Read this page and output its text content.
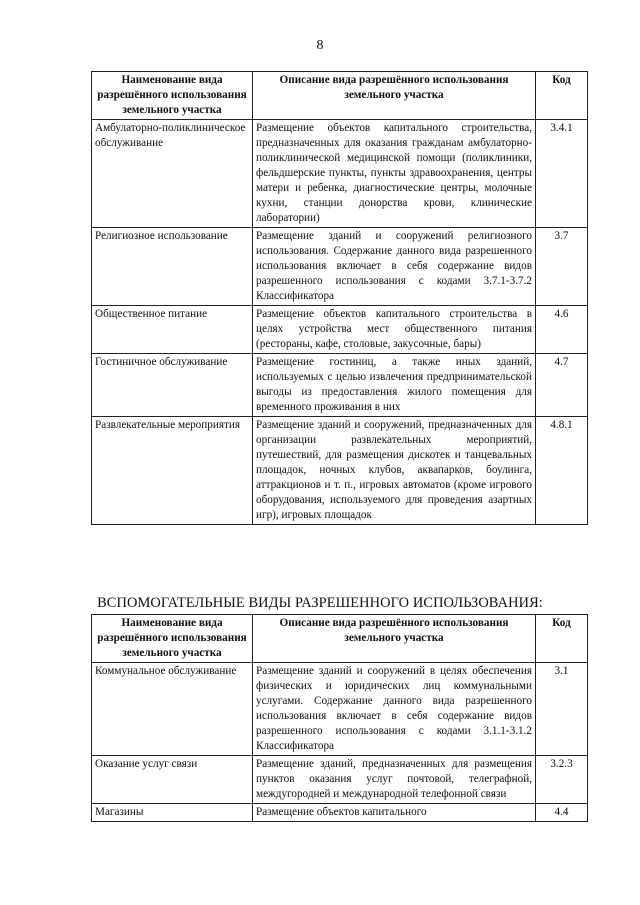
8
Наименование вида разрешённого использования земельного участка	Описание вида разрешённого использования земельного участка	Код
Амбулаторно-поликлиническое обслуживание	Размещение объектов капитального строительства, предназначенных для оказания гражданам амбулаторно-поликлинической медицинской помощи (поликлиники, фельдшерские пункты, пункты здравоохранения, центры матери и ребенка, диагностические центры, молочные кухни, станции донорства крови, клинические лаборатории)	3.4.1
Религиозное использование	Размещение зданий и сооружений религиозного использования. Содержание данного вида разрешенного использования включает в себя содержание видов разрешенного использования с кодами 3.7.1-3.7.2 Классификатора	3.7
Общественное питание	Размещение объектов капитального строительства в целях устройства мест общественного питания (рестораны, кафе, столовые, закусочные, бары)	4.6
Гостиничное обслуживание	Размещение гостиниц, а также иных зданий, используемых с целью извлечения предпринимательской выгоды из предоставления жилого помещения для временного проживания в них	4.7
Развлекательные мероприятия	Размещение зданий и сооружений, предназначенных для организации развлекательных мероприятий, путешествий, для размещения дискотек и танцевальных площадок, ночных клубов, аквапарков, боулинга, аттракционов и т. п., игровых автоматов (кроме игрового оборудования, используемого для проведения азартных игр), игровых площадок	4.8.1
ВСПОМОГАТЕЛЬНЫЕ ВИДЫ РАЗРЕШЕННОГО ИСПОЛЬЗОВАНИЯ:
Наименование вида разрешённого использования земельного участка	Описание вида разрешённого использования земельного участка	Код
Коммунальное обслуживание	Размещение зданий и сооружений в целях обеспечения физических и юридических лиц коммунальными услугами. Содержание данного вида разрешенного использования включает в себя содержание видов разрешенного использования с кодами 3.1.1-3.1.2 Классификатора	3.1
Оказание услуг связи	Размещение зданий, предназначенных для размещения пунктов оказания услуг почтовой, телеграфной, междугородней и международной телефонной связи	3.2.3
Магазины	Размещение объектов капитального	4.4
